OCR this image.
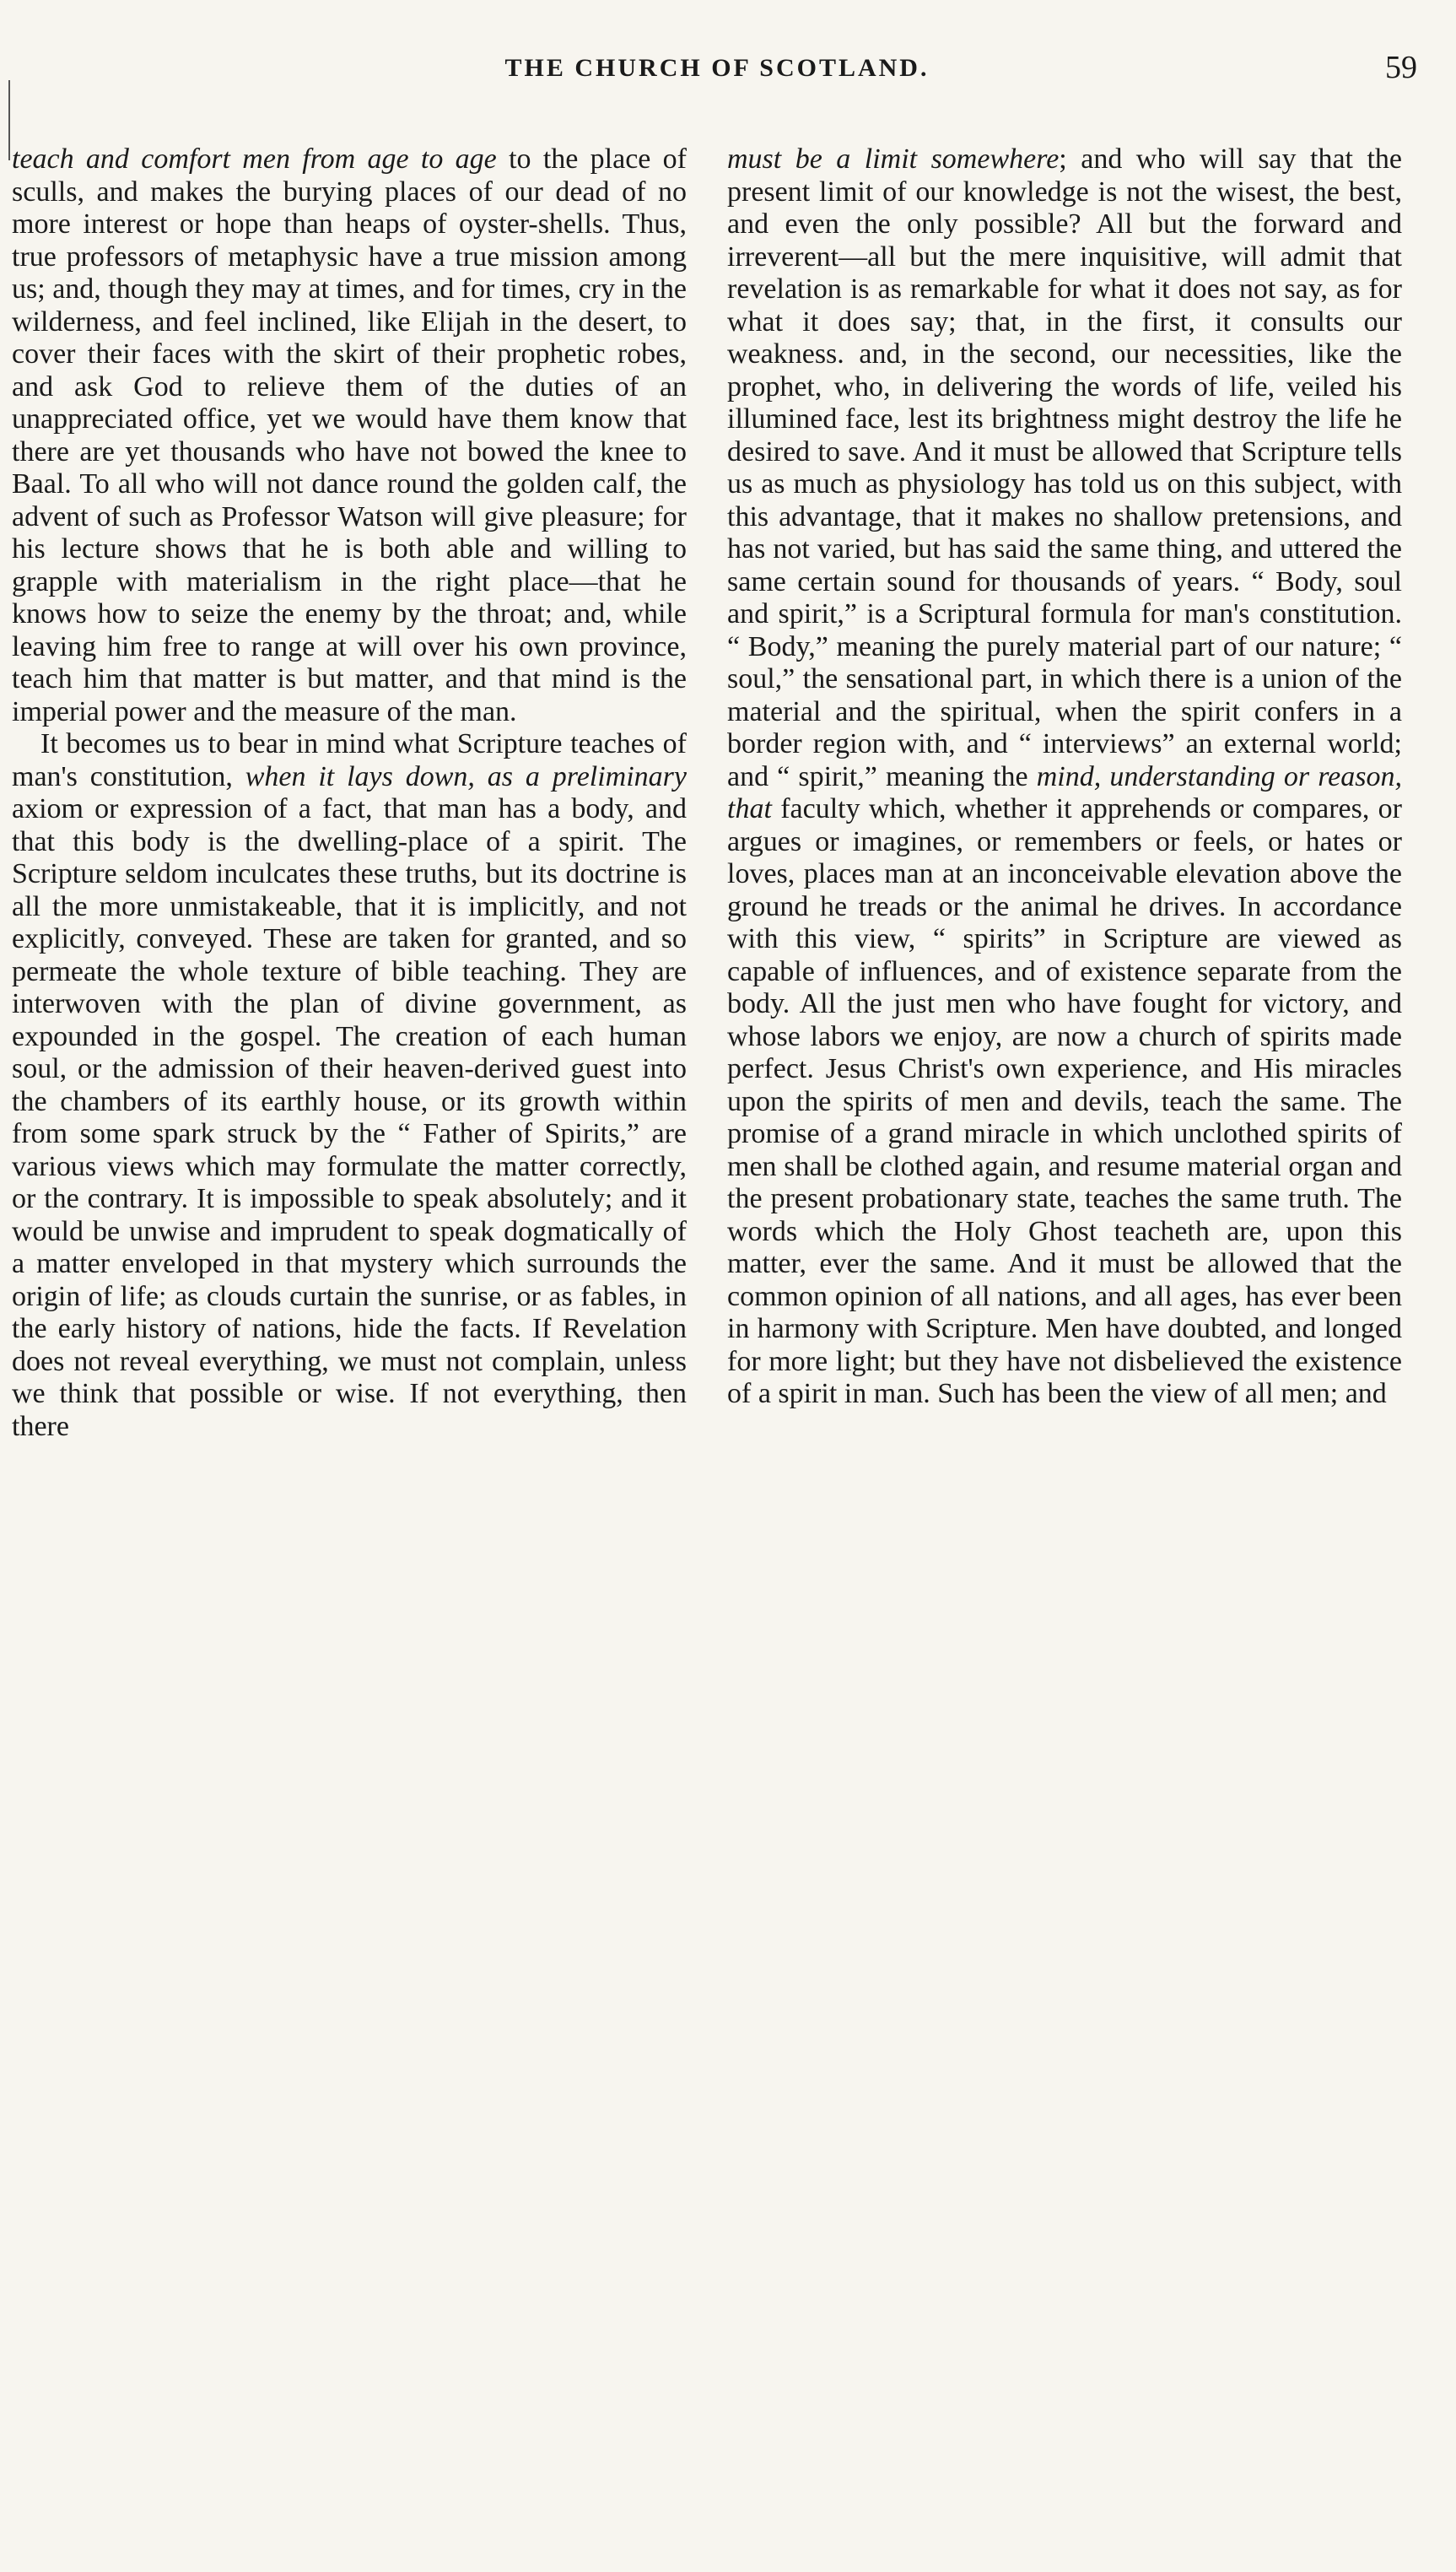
THE CHURCH OF SCOTLAND.	59

teach and comfort men from age to age to the place of sculls, and makes the burying places of our dead of no more interest or hope than heaps of oyster-shells. Thus, true professors of metaphysic have a true mission among us; and, though they may at times, and for times, cry in the wilderness, and feel inclined, like Elijah in the desert, to cover their faces with the skirt of their prophetic robes, and ask God to relieve them of the duties of an unappreciated office, yet we would have them know that there are yet thousands who have not bowed the knee to Baal. To all who will not dance round the golden calf, the advent of such as Professor Watson will give pleasure; for his lecture shows that he is both able and willing to grapple with materialism in the right place—that he knows how to seize the enemy by the throat; and, while leaving him free to range at will over his own province, teach him that matter is but matter, and that mind is the imperial power and the measure of the man.

It becomes us to bear in mind what Scripture teaches of man's constitution, when it lays down, as a preliminary axiom or expression of a fact, that man has a body, and that this body is the dwelling-place of a spirit. The Scripture seldom inculcates these truths, but its doctrine is all the more unmistakeable, that it is implicitly, and not explicitly, conveyed. These are taken for granted, and so permeate the whole texture of bible teaching. They are interwoven with the plan of divine government, as expounded in the gospel. The creation of each human soul, or the admission of their heaven-derived guest into the chambers of its earthly house, or its growth within from some spark struck by the “ Father of Spirits,” are various views which may formulate the matter correctly, or the contrary. It is impossible to speak absolutely; and it would be unwise and imprudent to speak dogmatically of a matter enveloped in that mystery which surrounds the origin of life; as clouds curtain the sunrise, or as fables, in the early history of nations, hide the facts. If Revelation does not reveal everything, we must not complain, unless we think that possible or wise. If not everything, then there

must be a limit somewhere; and who will say that the present limit of our knowledge is not the wisest, the best, and even the only possible? All but the forward and irreverent—all but the mere inquisitive, will admit that revelation is as remarkable for what it does not say, as for what it does say; that, in the first, it consults our weakness. and, in the second, our necessities, like the prophet, who, in delivering the words of life, veiled his illumined face, lest its brightness might destroy the life he desired to save. And it must be allowed that Scripture tells us as much as physiology has told us on this subject, with this advantage, that it makes no shallow pretensions, and has not varied, but has said the same thing, and uttered the same certain sound for thousands of years. “ Body, soul and spirit,” is a Scriptural formula for man's constitution. “ Body,” meaning the purely material part of our nature; “ soul,” the sensational part, in which there is a union of the material and the spiritual, when the spirit confers in a border region with, and “ interviews” an external world; and “ spirit,” meaning the mind, understanding or reason, that faculty which, whether it apprehends or compares, or argues or imagines, or remembers or feels, or hates or loves, places man at an inconceivable elevation above the ground he treads or the animal he drives. In accordance with this view, “ spirits” in Scripture are viewed as capable of influences, and of existence separate from the body. All the just men who have fought for victory, and whose labors we enjoy, are now a church of spirits made perfect. Jesus Christ's own experience, and His miracles upon the spirits of men and devils, teach the same. The promise of a grand miracle in which unclothed spirits of men shall be clothed again, and resume material organ and the present probationary state, teaches the same truth. The words which the Holy Ghost teacheth are, upon this matter, ever the same. And it must be allowed that the common opinion of all nations, and all ages, has ever been in harmony with Scripture. Men have doubted, and longed for more light; but they have not disbelieved the existence of a spirit in man. Such has been the view of all men; and
